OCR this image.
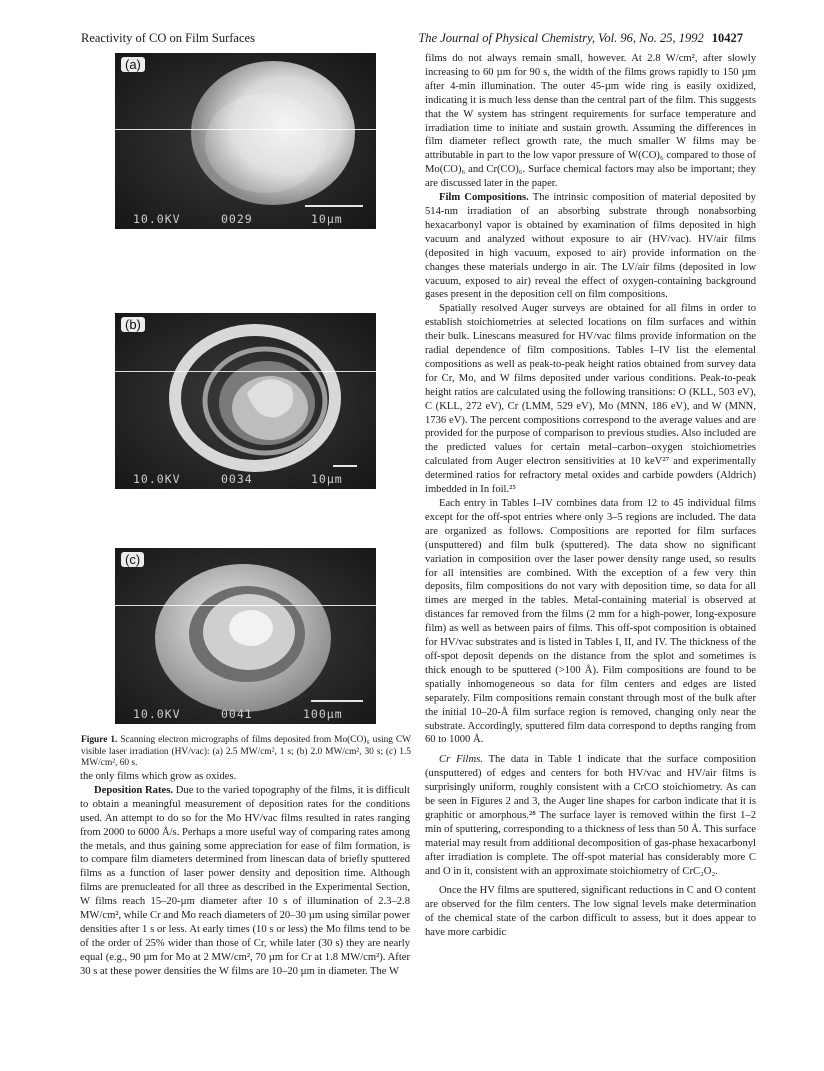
Reactivity of CO on Film Surfaces	The Journal of Physical Chemistry, Vol. 96, No. 25, 1992 10427
(a)
10.0KV	0029	10µm
(b)
10.0KV	0034	10µm
(c)
10.0KV	0041	100µm
Figure 1. Scanning electron micrographs of films deposited from Mo(CO)₆ using CW visible laser irradiation (HV/vac): (a) 2.5 MW/cm², 1 s; (b) 2.0 MW/cm², 30 s; (c) 1.5 MW/cm², 60 s.

the only films which grow as oxides.

Deposition Rates. Due to the varied topography of the films, it is difficult to obtain a meaningful measurement of deposition rates for the conditions used. An attempt to do so for the Mo HV/vac films resulted in rates ranging from 2000 to 6000 Å/s. Perhaps a more useful way of comparing rates among the metals, and thus gaining some appreciation for ease of film formation, is to compare film diameters determined from linescan data of briefly sputtered films as a function of laser power density and deposition time. Although films are prenucleated for all three as described in the Experimental Section, W films reach 15–20-µm diameter after 10 s of illumination of 2.3–2.8 MW/cm², while Cr and Mo reach diameters of 20–30 µm using similar power densities after 1 s or less. At early times (10 s or less) the Mo films tend to be of the order of 25% wider than those of Cr, while later (30 s) they are nearly equal (e.g., 90 µm for Mo at 2 MW/cm², 70 µm for Cr at 1.8 MW/cm²). After 30 s at these power densities the W films are 10–20 µm in diameter. The W

films do not always remain small, however. At 2.8 W/cm², after slowly increasing to 60 µm for 90 s, the width of the films grows rapidly to 150 µm after 4-min illumination. The outer 45-µm wide ring is easily oxidized, indicating it is much less dense than the central part of the film. This suggests that the W system has stringent requirements for surface temperature and irradiation time to initiate and sustain growth. Assuming the differences in film diameter reflect growth rate, the much smaller W films may be attributable in part to the low vapor pressure of W(CO)₆ compared to those of Mo(CO)₆ and Cr(CO)₆. Surface chemical factors may also be important; they are discussed later in the paper.

Film Compositions. The intrinsic composition of material deposited by 514-nm irradiation of an absorbing substrate through nonabsorbing hexacarbonyl vapor is obtained by examination of films deposited in high vacuum and analyzed without exposure to air (HV/vac). HV/air films (deposited in high vacuum, exposed to air) provide information on the changes these materials undergo in air. The LV/air films (deposited in low vacuum, exposed to air) reveal the effect of oxygen-containing background gases present in the deposition cell on film compositions.

Spatially resolved Auger surveys are obtained for all films in order to establish stoichiometries at selected locations on film surfaces and within their bulk. Linescans measured for HV/vac films provide information on the radial dependence of film compositions. Tables I–IV list the elemental compositions as well as peak-to-peak height ratios obtained from survey data for Cr, Mo, and W films deposited under various conditions. Peak-to-peak height ratios are calculated using the following transitions: O (KLL, 503 eV), C (KLL, 272 eV), Cr (LMM, 529 eV), Mo (MNN, 186 eV), and W (MNN, 1736 eV). The percent compositions correspond to the average values and are provided for the purpose of comparison to previous studies. Also included are the predicted values for certain metal–carbon–oxygen stoichiometries calculated from Auger electron sensitivities at 10 keV²⁷ and experimentally determined ratios for refractory metal oxides and carbide powders (Aldrich) imbedded in In foil.²⁵

Each entry in Tables I–IV combines data from 12 to 45 individual films except for the off-spot entries where only 3–5 regions are included. The data are organized as follows. Compositions are reported for film surfaces (unsputtered) and film bulk (sputtered). The data show no significant variation in composition over the laser power density range used, so results for all intensities are combined. With the exception of a few very thin deposits, film compositions do not vary with deposition time, so data for all times are merged in the tables. Metal-containing material is observed at distances far removed from the films (2 mm for a high-power, long-exposure film) as well as between pairs of films. This off-spot composition is obtained for HV/vac substrates and is listed in Tables I, II, and IV. The thickness of the off-spot deposit depends on the distance from the splot and sometimes is thick enough to be sputtered (>100 Å). Film compositions are found to be spatially inhomogeneous so data for film centers and edges are listed separately. Film compositions remain constant through most of the bulk after the initial 10–20-Å film surface region is removed, changing only near the substrate. Accordingly, sputtered film data correspond to depths ranging from 60 to 1000 Å.

Cr Films. The data in Table I indicate that the surface composition (unsputtered) of edges and centers for both HV/vac and HV/air films is surprisingly uniform, roughly consistent with a CrCO stoichiometry. As can be seen in Figures 2 and 3, the Auger line shapes for carbon indicate that it is graphitic or amorphous.²⁸ The surface layer is removed within the first 1–2 min of sputtering, corresponding to a thickness of less than 50 Å. This surface material may result from additional decomposition of gas-phase hexacarbonyl after irradiation is complete. The off-spot material has considerably more C and O in it, consistent with an approximate stoichiometry of CrC₂O₂.

Once the HV films are sputtered, significant reductions in C and O content are observed for the film centers. The low signal levels make determination of the chemical state of the carbon difficult to assess, but it does appear to have more carbidic
